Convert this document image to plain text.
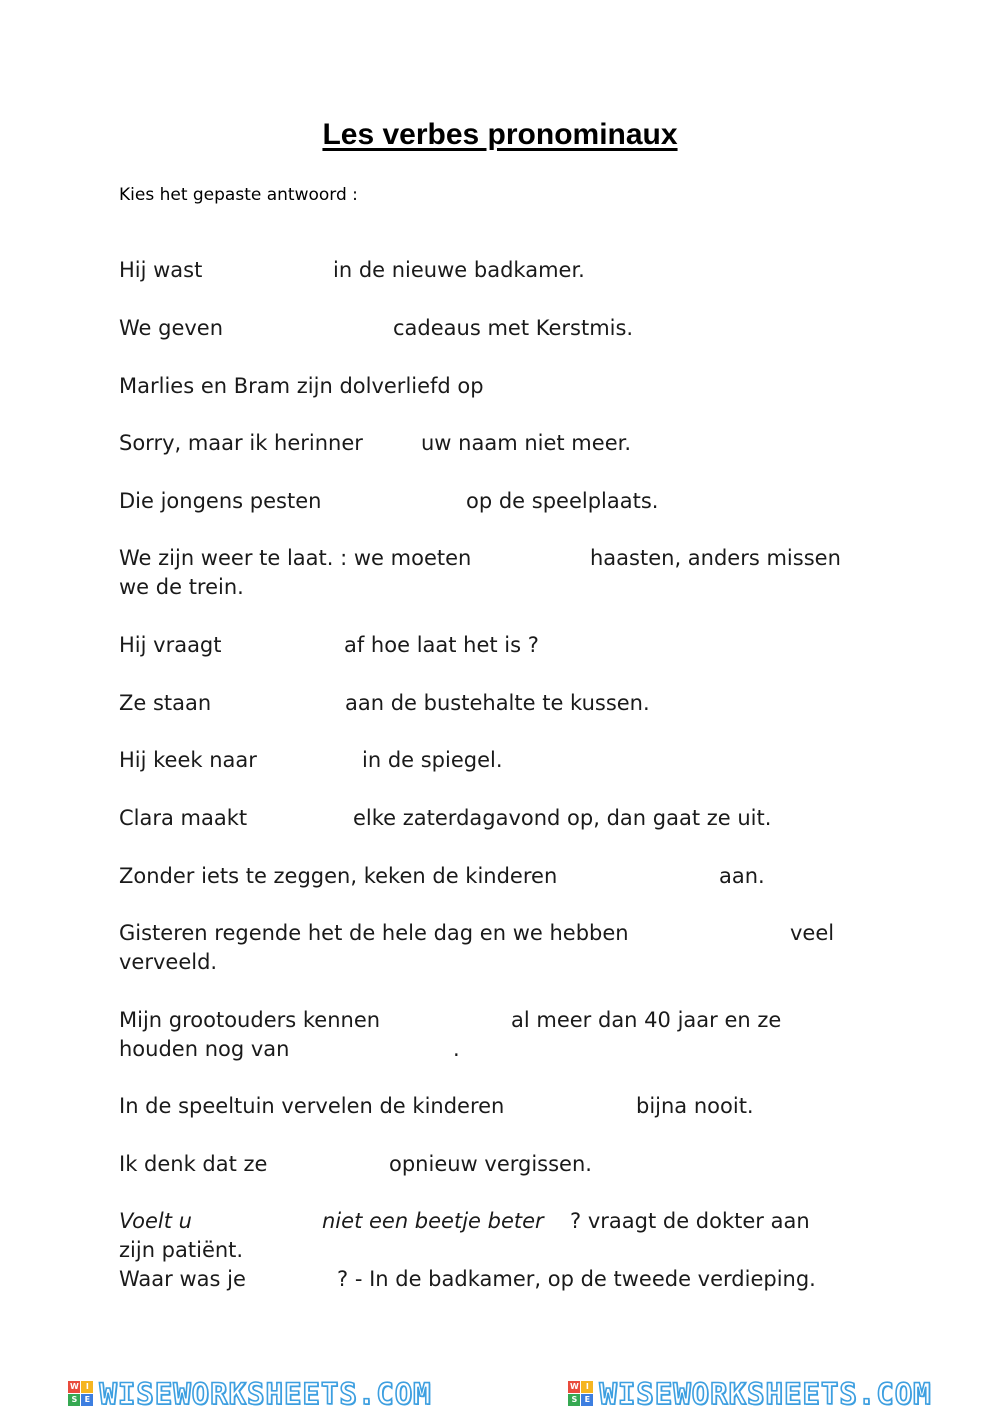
Les verbes pronominaux
Kies het gepaste antwoord :
Hij wast	in de nieuwe badkamer.
We geven	cadeaus met Kerstmis.
Marlies en Bram zijn dolverliefd op
Sorry, maar ik herinner	uw naam niet meer.
Die jongens pesten	op de speelplaats.
We zijn weer te laat. : we moeten	haasten, anders missen
we de trein.
Hij vraagt	af hoe laat het is ?
Ze staan	aan de bustehalte te kussen.
Hij keek naar	in de spiegel.
Clara maakt	elke zaterdagavond op, dan gaat ze uit.
Zonder iets te zeggen, keken de kinderen	aan.
Gisteren regende het de hele dag en we hebben	veel
verveeld.
Mijn grootouders kennen	al meer dan 40 jaar en ze
houden nog van	.
In de speeltuin vervelen de kinderen	bijna nooit.
Ik denk dat ze	opnieuw vergissen.
Voelt u	niet een beetje beter ? vraagt de dokter aan
zijn patiënt.
Waar was je	? - In de badkamer, op de tweede verdieping.
W I
S E WISEWORKSHEETS.COM	W I
S E WISEWORKSHEETS.COM
